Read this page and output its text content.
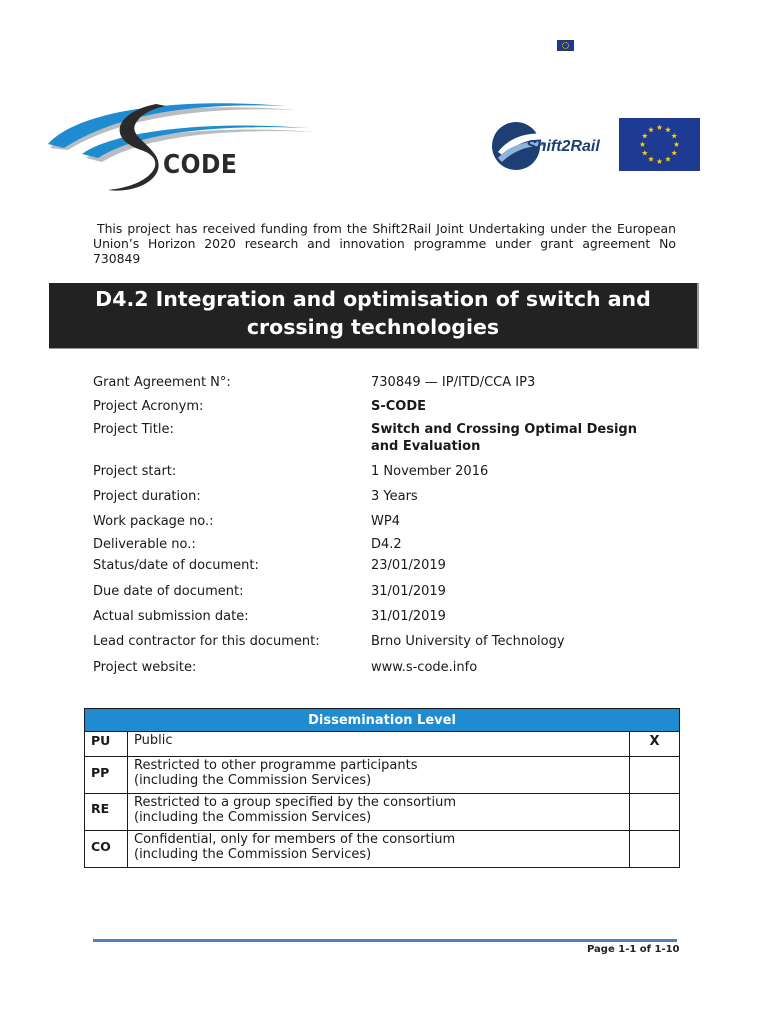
CODE
Shift2Rail
This project has received funding from the Shift2Rail Joint Undertaking under the European Union’s Horizon 2020 research and innovation programme under grant agreement No 730849
D4.2 Integration and optimisation of switch and
crossing technologies
Grant Agreement N°:	730849 — IP/ITD/CCA IP3
Project Acronym:	S-CODE
Project Title:	Switch and Crossing Optimal Design and Evaluation
Project start:	1 November 2016
Project duration:	3 Years
Work package no.:	WP4
Deliverable no.:	D4.2
Status/date of document:	23/01/2019
Due date of document:	31/01/2019
Actual submission date:	31/01/2019
Lead contractor for this document:	Brno University of Technology
Project website:	www.s-code.info
Dissemination Level		
PU	Public	X
PP	Restricted to other programme participants
(including the Commission Services)	

RE	Restricted to a group specified by the consortium
(including the Commission Services)	

CO	Confidential, only for members of the consortium
(including the Commission Services)	

Page 1-1 of 1-10
